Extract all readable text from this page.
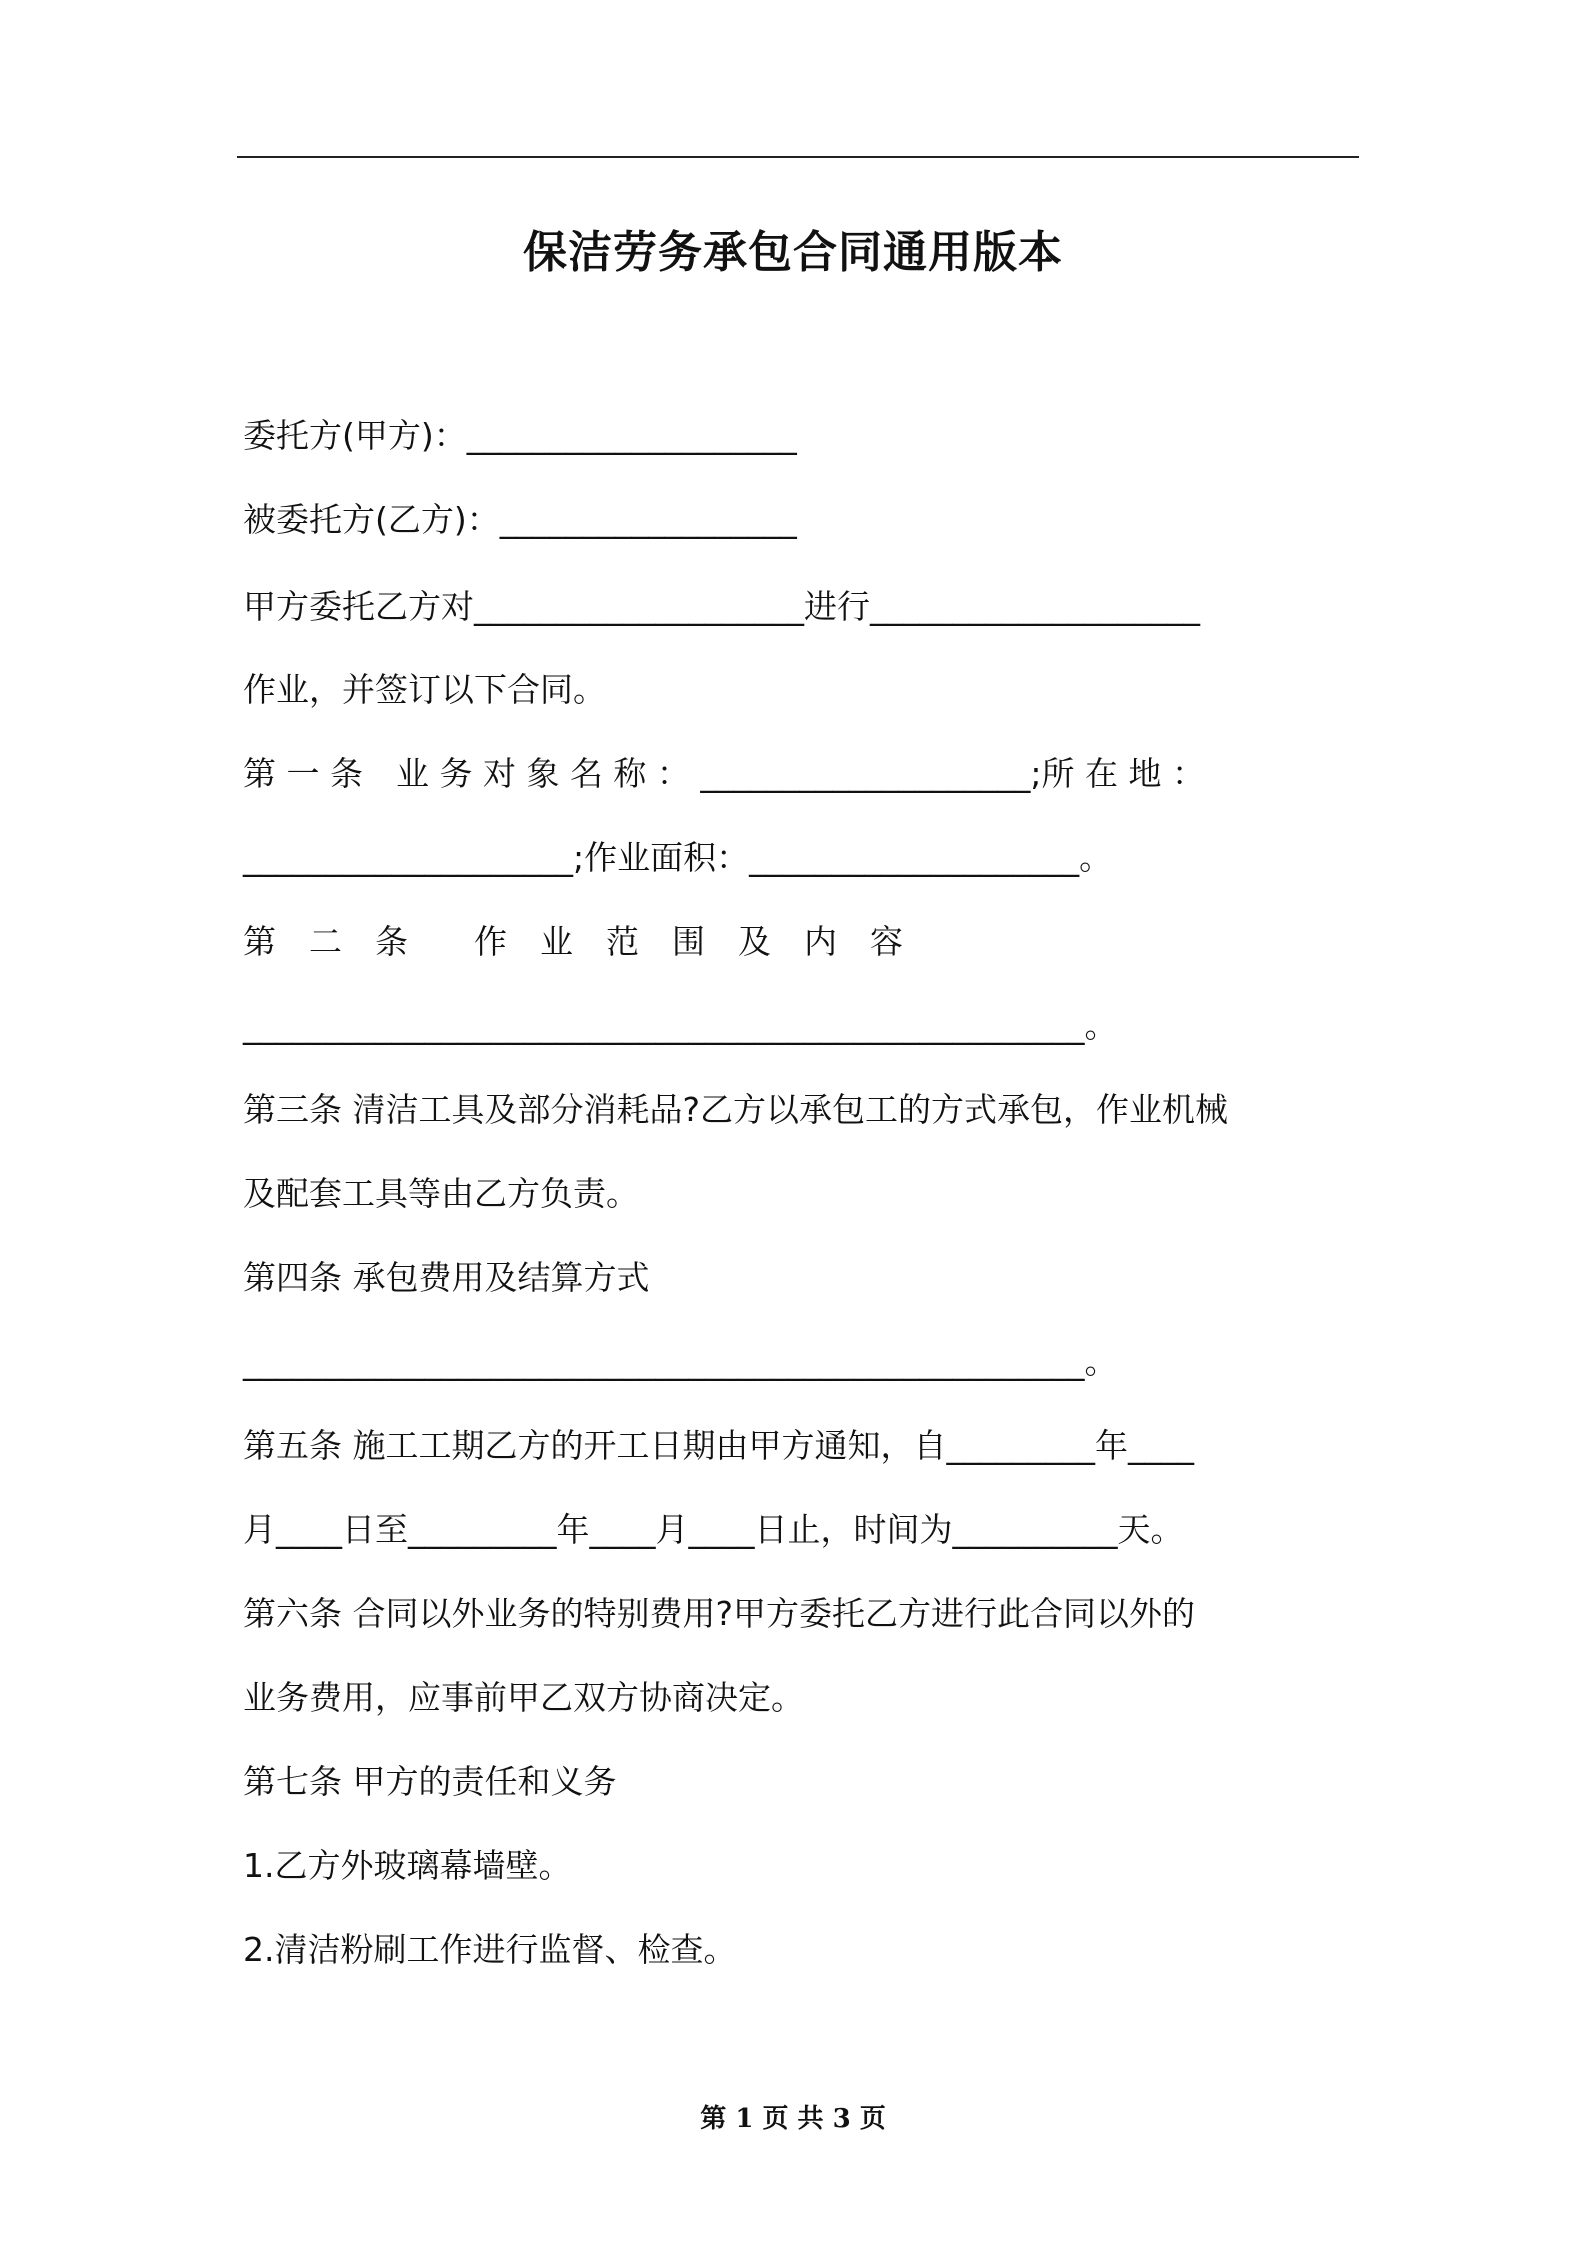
保洁劳务承包合同通用版本
委托方(甲方)：____________________
被委托方(乙方)：__________________
甲方委托乙方对____________________进行____________________
作业，并签订以下合同。
第 一 条　业 务 对 象 名 称 ： ____________________;所 在 地 ：
____________________;作业面积：____________________。
第　二　条　　作　业　范　围　及　内　容
___________________________________________________。
第三条 清洁工具及部分消耗品?乙方以承包工的方式承包，作业机械
及配套工具等由乙方负责。
第四条 承包费用及结算方式
___________________________________________________。
第五条 施工工期乙方的开工日期由甲方通知，自_________年____
月____日至_________年____月____日止，时间为__________天。
第六条 合同以外业务的特别费用?甲方委托乙方进行此合同以外的
业务费用，应事前甲乙双方协商决定。
第七条 甲方的责任和义务
1.乙方外玻璃幕墙壁。
2.清洁粉刷工作进行监督、检查。
第 1 页 共 3 页
